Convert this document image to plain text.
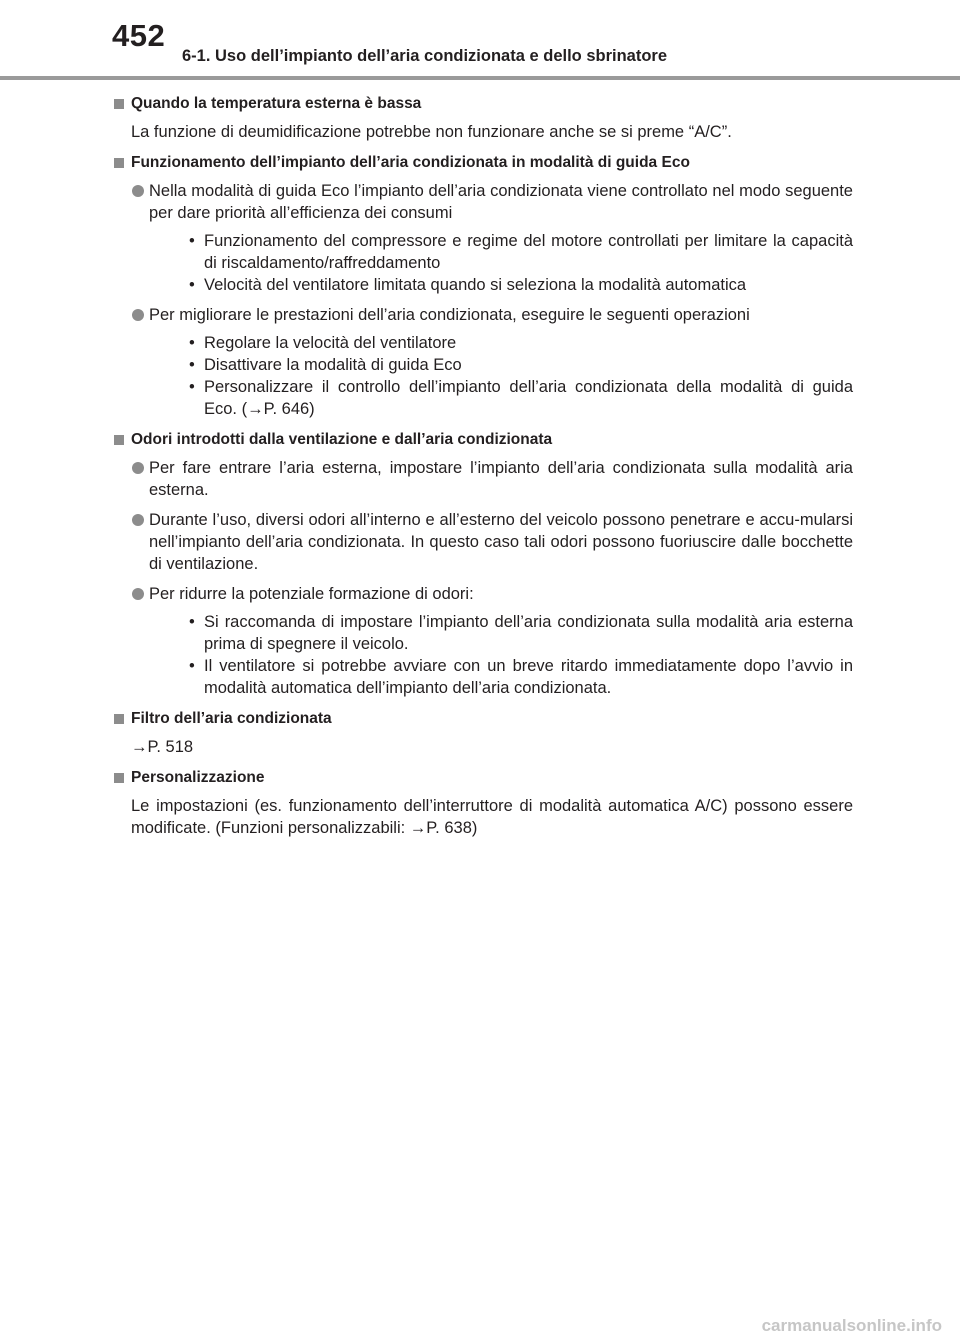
452
6-1. Uso dell’impianto dell’aria condizionata e dello sbrinatore
Quando la temperatura esterna è bassa
La funzione di deumidificazione potrebbe non funzionare anche se si preme “A/C”.
Funzionamento dell’impianto dell’aria condizionata in modalità di guida Eco
Nella modalità di guida Eco l’impianto dell’aria condizionata viene controllato nel modo seguente per dare priorità all’efficienza dei consumi
• Funzionamento del compressore e regime del motore controllati per limitare la capacità di riscaldamento/raffreddamento
• Velocità del ventilatore limitata quando si seleziona la modalità automatica
Per migliorare le prestazioni dell’aria condizionata, eseguire le seguenti operazioni
• Regolare la velocità del ventilatore
• Disattivare la modalità di guida Eco
• Personalizzare il controllo dell’impianto dell’aria condizionata della modalità di guida Eco. (→P. 646)
Odori introdotti dalla ventilazione e dall’aria condizionata
Per fare entrare l’aria esterna, impostare l’impianto dell’aria condizionata sulla modalità aria esterna.
Durante l’uso, diversi odori all’interno e all’esterno del veicolo possono penetrare e accu-mularsi nell’impianto dell’aria condizionata. In questo caso tali odori possono fuoriuscire dalle bocchette di ventilazione.
Per ridurre la potenziale formazione di odori:
• Si raccomanda di impostare l’impianto dell’aria condizionata sulla modalità aria esterna prima di spegnere il veicolo.
• Il ventilatore si potrebbe avviare con un breve ritardo immediatamente dopo l’avvio in modalità automatica dell’impianto dell’aria condizionata.
Filtro dell’aria condizionata
→P. 518
Personalizzazione
Le impostazioni (es. funzionamento dell’interruttore di modalità automatica A/C) possono essere modificate. (Funzioni personalizzabili: →P. 638)
carmanualsonline.info
